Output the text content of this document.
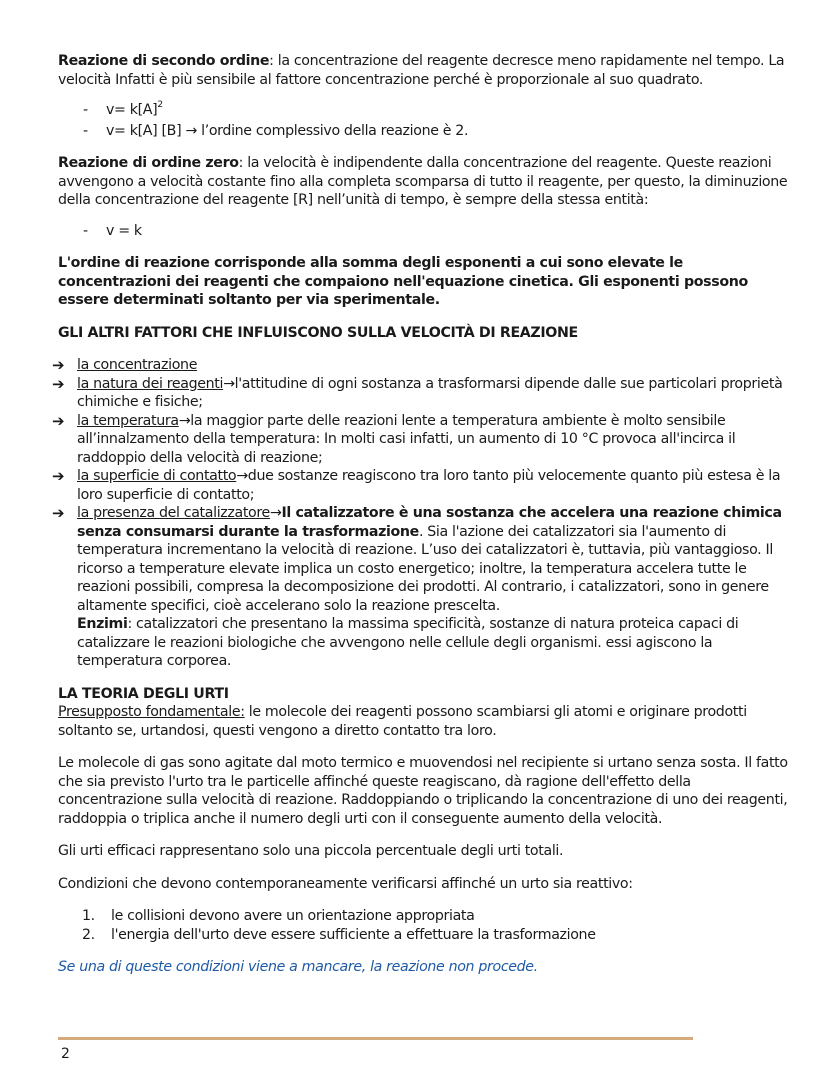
Reazione di secondo ordine: la concentrazione del reagente decresce meno rapidamente nel tempo. La velocità Infatti è più sensibile al fattore concentrazione perché è proporzionale al suo quadrato.

- $v= k[A]^2$
- v= k[A] [B] → l’ordine complessivo della reazione è 2.

Reazione di ordine zero: la velocità è indipendente dalla concentrazione del reagente. Queste reazioni avvengono a velocità costante fino alla completa scomparsa di tutto il reagente, per questo, la diminuzione della concentrazione del reagente [R] nell’unità di tempo, è sempre della stessa entità:

- v = k

L'ordine di reazione corrisponde alla somma degli esponenti a cui sono elevate le concentrazioni dei reagenti che compaiono nell'equazione cinetica. Gli esponenti possono essere determinati soltanto per via sperimentale.

GLI ALTRI FATTORI CHE INFLUISCONO SULLA VELOCITÀ DI REAZIONE

➔ la concentrazione
➔ la natura dei reagenti→l'attitudine di ogni sostanza a trasformarsi dipende dalle sue particolari proprietà chimiche e fisiche;
➔ la temperatura→la maggior parte delle reazioni lente a temperatura ambiente è molto sensibile all’innalzamento della temperatura: In molti casi infatti, un aumento di 10 °C provoca all'incirca il raddoppio della velocità di reazione;
➔ la superficie di contatto→due sostanze reagiscono tra loro tanto più velocemente quanto più estesa è la loro superficie di contatto;
➔ la presenza del catalizzatore→Il catalizzatore è una sostanza che accelera una reazione chimica senza consumarsi durante la trasformazione. Sia l'azione dei catalizzatori sia l'aumento di temperatura incrementano la velocità di reazione. L’uso dei catalizzatori è, tuttavia, più vantaggioso. Il ricorso a temperature elevate implica un costo energetico; inoltre, la temperatura accelera tutte le reazioni possibili, compresa la decomposizione dei prodotti. Al contrario, i catalizzatori, sono in genere altamente specifici, cioè accelerano solo la reazione prescelta.
Enzimi: catalizzatori che presentano la massima specificità, sostanze di natura proteica capaci di catalizzare le reazioni biologiche che avvengono nelle cellule degli organismi. essi agiscono la temperatura corporea.

LA TEORIA DEGLI URTI

Presupposto fondamentale: le molecole dei reagenti possono scambiarsi gli atomi e originare prodotti soltanto se, urtandosi, questi vengono a diretto contatto tra loro.

Le molecole di gas sono agitate dal moto termico e muovendosi nel recipiente si urtano senza sosta. Il fatto che sia previsto l'urto tra le particelle affinché queste reagiscano, dà ragione dell'effetto della concentrazione sulla velocità di reazione. Raddoppiando o triplicando la concentrazione di uno dei reagenti, raddoppia o triplica anche il numero degli urti con il conseguente aumento della velocità.

Gli urti efficaci rappresentano solo una piccola percentuale degli urti totali.

Condizioni che devono contemporaneamente verificarsi affinché un urto sia reattivo:

1. le collisioni devono avere un orientazione appropriata
2. l'energia dell'urto deve essere sufficiente a effettuare la trasformazione

Se una di queste condizioni viene a mancare, la reazione non procede.

2
